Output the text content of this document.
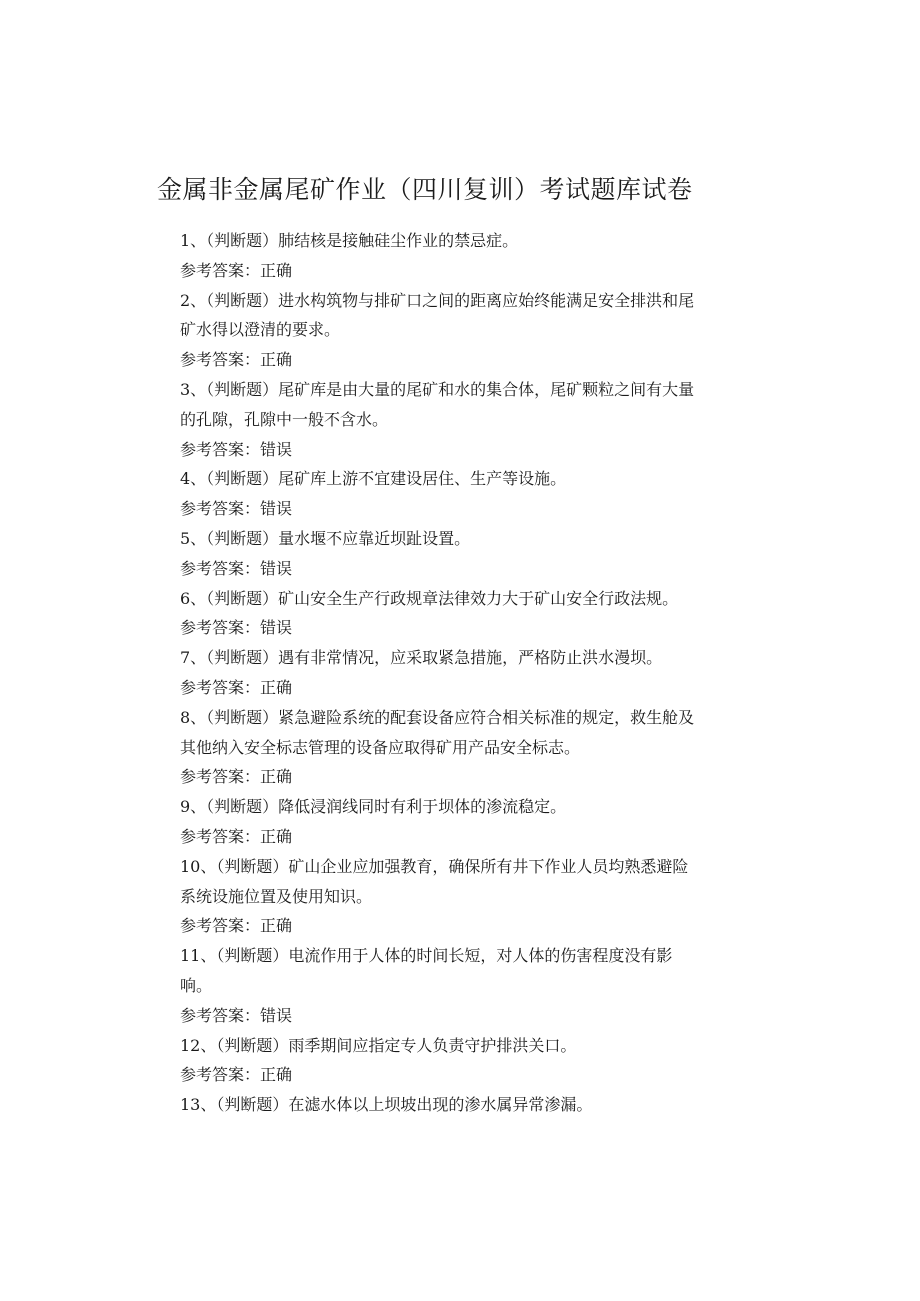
金属非金属尾矿作业（四川复训）考试题库试卷
1、（判断题）肺结核是接触硅尘作业的禁忌症。
参考答案：正确
2、（判断题）进水构筑物与排矿口之间的距离应始终能满足安全排洪和尾
矿水得以澄清的要求。
参考答案：正确
3、（判断题）尾矿库是由大量的尾矿和水的集合体，尾矿颗粒之间有大量
的孔隙，孔隙中一般不含水。
参考答案：错误
4、（判断题）尾矿库上游不宜建设居住、生产等设施。
参考答案：错误
5、（判断题）量水堰不应靠近坝趾设置。
参考答案：错误
6、（判断题）矿山安全生产行政规章法律效力大于矿山安全行政法规。
参考答案：错误
7、（判断题）遇有非常情况，应采取紧急措施，严格防止洪水漫坝。
参考答案：正确
8、（判断题）紧急避险系统的配套设备应符合相关标准的规定，救生舱及
其他纳入安全标志管理的设备应取得矿用产品安全标志。
参考答案：正确
9、（判断题）降低浸润线同时有利于坝体的渗流稳定。
参考答案：正确
10、（判断题）矿山企业应加强教育，确保所有井下作业人员均熟悉避险
系统设施位置及使用知识。
参考答案：正确
11、（判断题）电流作用于人体的时间长短，对人体的伤害程度没有影
响。
参考答案：错误
12、（判断题）雨季期间应指定专人负责守护排洪关口。
参考答案：正确
13、（判断题）在滤水体以上坝坡出现的渗水属异常渗漏。
